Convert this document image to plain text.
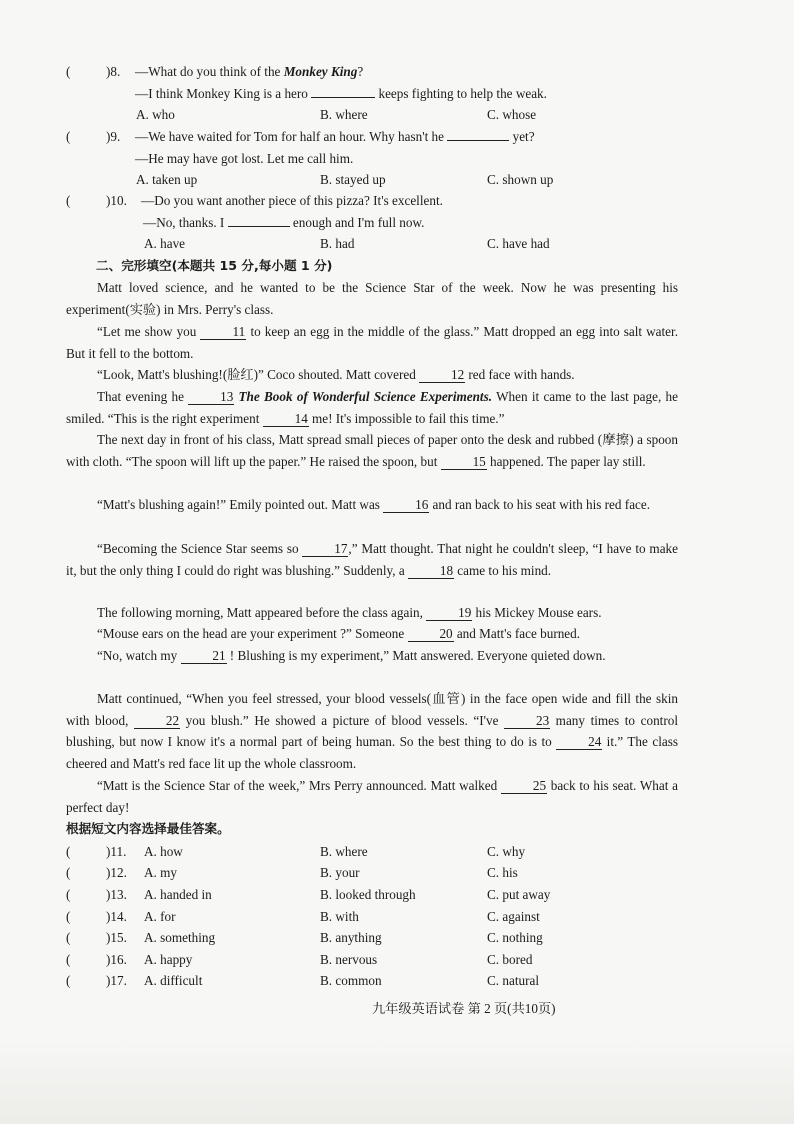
(	)8. —What do you think of the Monkey King?
—I think Monkey King is a hero	keeps fighting to help the weak.
A. who	B. where	C. whose
(	)9. —We have waited for Tom for half an hour. Why hasn't he	yet?
—He may have got lost. Let me call him.
A. taken up	B. stayed up	C. shown up
(	)10. —Do you want another piece of this pizza? It's excellent.
—No, thanks. I	enough and I'm full now.
A. have	B. had	C. have had
二、完形填空(本题共 15 分,每小题 1 分)
Matt loved science, and he wanted to be the Science Star of the week. Now he was presenting his experiment(实验) in Mrs. Perry's class.
“Let me show you 11 to keep an egg in the middle of the glass.” Matt dropped an egg into salt water. But it fell to the bottom.
“Look, Matt's blushing!(脸红)” Coco shouted. Matt covered 12 red face with hands.
That evening he 13 The Book of Wonderful Science Experiments. When it came to the last page, he smiled. “This is the right experiment 14 me! It's impossible to fail this time.”
The next day in front of his class, Matt spread small pieces of paper onto the desk and rubbed (摩擦) a spoon with cloth. “The spoon will lift up the paper.” He raised the spoon, but 15 happened. The paper lay still.
“Matt's blushing again!” Emily pointed out. Matt was 16 and ran back to his seat with his red face.
“Becoming the Science Star seems so 17,” Matt thought. That night he couldn't sleep, “I have to make it, but the only thing I could do right was blushing.” Suddenly, a 18 came to his mind.
The following morning, Matt appeared before the class again, 19 his Mickey Mouse ears.
“Mouse ears on the head are your experiment ?” Someone 20 and Matt's face burned.
“No, watch my 21 ! Blushing is my experiment,” Matt answered. Everyone quieted down.
Matt continued, “When you feel stressed, your blood vessels(血管) in the face open wide and fill the skin with blood, 22 you blush.” He showed a picture of blood vessels. “I've 23 many times to control blushing, but now I know it's a normal part of being human. So the best thing to do is to 24 it.” The class cheered and Matt's red face lit up the whole classroom.
“Matt is the Science Star of the week,” Mrs Perry announced. Matt walked 25 back to his seat. What a perfect day!
根据短文内容选择最佳答案。
(	)11. A. how	B. where	C. why
(	)12. A. my	B. your	C. his
(	)13. A. handed in	B. looked through	C. put away
(	)14. A. for	B. with	C. against
(	)15. A. something	B. anything	C. nothing
(	)16. A. happy	B. nervous	C. bored
(	)17. A. difficult	B. common	C. natural
九年级英语试卷 第 2 页(共10页)
